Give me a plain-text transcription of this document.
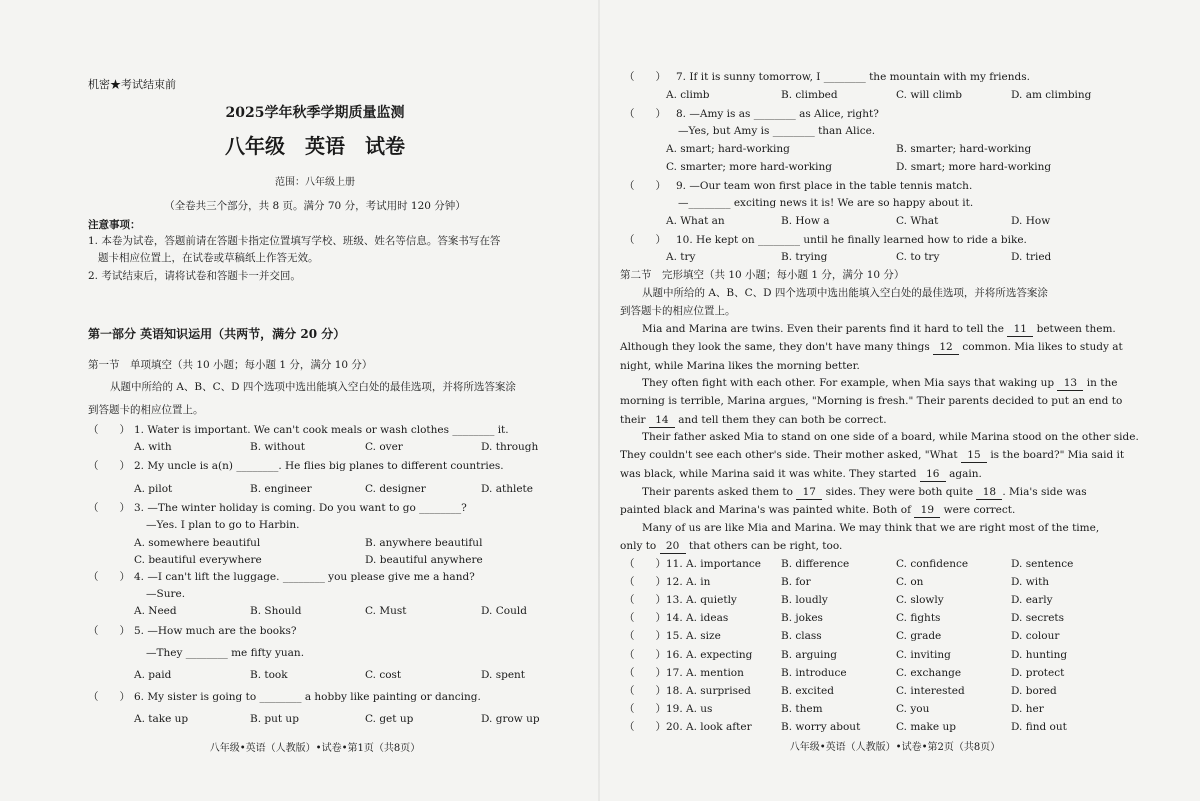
机密★考试结束前
2025学年秋季学期质量监测
八年级　英语　试卷
范围：八年级上册
（全卷共三个部分，共 8 页。满分 70 分，考试用时 120 分钟）
注意事项：
1. 本卷为试卷，答题前请在答题卡指定位置填写学校、班级、姓名等信息。答案书写在答
题卡相应位置上，在试卷或草稿纸上作答无效。
2. 考试结束后，请将试卷和答题卡一并交回。
第一部分 英语知识运用（共两节，满分 20 分）
第一节　单项填空（共 10 小题；每小题 1 分，满分 10 分）
从题中所给的 A、B、C、D 四个选项中选出能填入空白处的最佳选项，并将所选答案涂
到答题卡的相应位置上。
（　　） 1. Water is important. We can't cook meals or wash clothes ________ it.
A. with	B. without	C. over	D. through
（　　） 2. My uncle is a(n) ________. He flies big planes to different countries.
A. pilot	B. engineer	C. designer	D. athlete
（　　） 3. —The winter holiday is coming. Do you want to go ________?
—Yes. I plan to go to Harbin.
A. somewhere beautiful	B. anywhere beautiful
C. beautiful everywhere	D. beautiful anywhere
（　　） 4. —I can't lift the luggage. ________ you please give me a hand?
—Sure.
A. Need	B. Should	C. Must	D. Could
（　　） 5. —How much are the books?
—They ________ me fifty yuan.
A. paid	B. took	C. cost	D. spent
（　　） 6. My sister is going to ________ a hobby like painting or dancing.
A. take up	B. put up	C. get up	D. grow up
八年级•英语（人教版）•试卷•第1页（共8页）
（　　） 7. If it is sunny tomorrow, I ________ the mountain with my friends.
A. climb	B. climbed	C. will climb	D. am climbing
（　　） 8. —Amy is as ________ as Alice, right?
—Yes, but Amy is ________ than Alice.
A. smart; hard-working	B. smarter; hard-working
C. smarter; more hard-working	D. smart; more hard-working
（　　） 9. —Our team won first place in the table tennis match.
—________ exciting news it is! We are so happy about it.
A. What an	B. How a	C. What	D. How
（　　） 10. He kept on ________ until he finally learned how to ride a bike.
A. try	B. trying	C. to try	D. tried
第二节　完形填空（共 10 小题；每小题 1 分，满分 10 分）
从题中所给的 A、B、C、D 四个选项中选出能填入空白处的最佳选项，并将所选答案涂
到答题卡的相应位置上。
Mia and Marina are twins. Even their parents find it hard to tell the 11 between them.
Although they look the same, they don't have many things 12 common. Mia likes to study at
night, while Marina likes the morning better.
They often fight with each other. For example, when Mia says that waking up 13 in the
morning is terrible, Marina argues, "Morning is fresh." Their parents decided to put an end to
their 14 and tell them they can both be correct.
Their father asked Mia to stand on one side of a board, while Marina stood on the other side.
They couldn't see each other's side. Their mother asked, "What 15 is the board?" Mia said it
was black, while Marina said it was white. They started 16 again.
Their parents asked them to 17 sides. They were both quite 18 . Mia's side was
painted black and Marina's was painted white. Both of 19 were correct.
Many of us are like Mia and Marina. We may think that we are right most of the time,
only to 20 that others can be right, too.
（　　） 11. A. importance B. difference	C. confidence	D. sentence
（　　） 12. A. in	B. for	C. on	D. with
（　　） 13. A. quietly	B. loudly	C. slowly	D. early
（　　） 14. A. ideas	B. jokes	C. fights	D. secrets
（　　） 15. A. size	B. class	C. grade	D. colour
（　　） 16. A. expecting	B. arguing	C. inviting	D. hunting
（　　） 17. A. mention	B. introduce	C. exchange	D. protect
（　　） 18. A. surprised	B. excited	C. interested	D. bored
（　　） 19. A. us	B. them	C. you	D. her
（　　） 20. A. look after	B. worry about	C. make up	D. find out
八年级•英语（人教版）•试卷•第2页（共8页）
